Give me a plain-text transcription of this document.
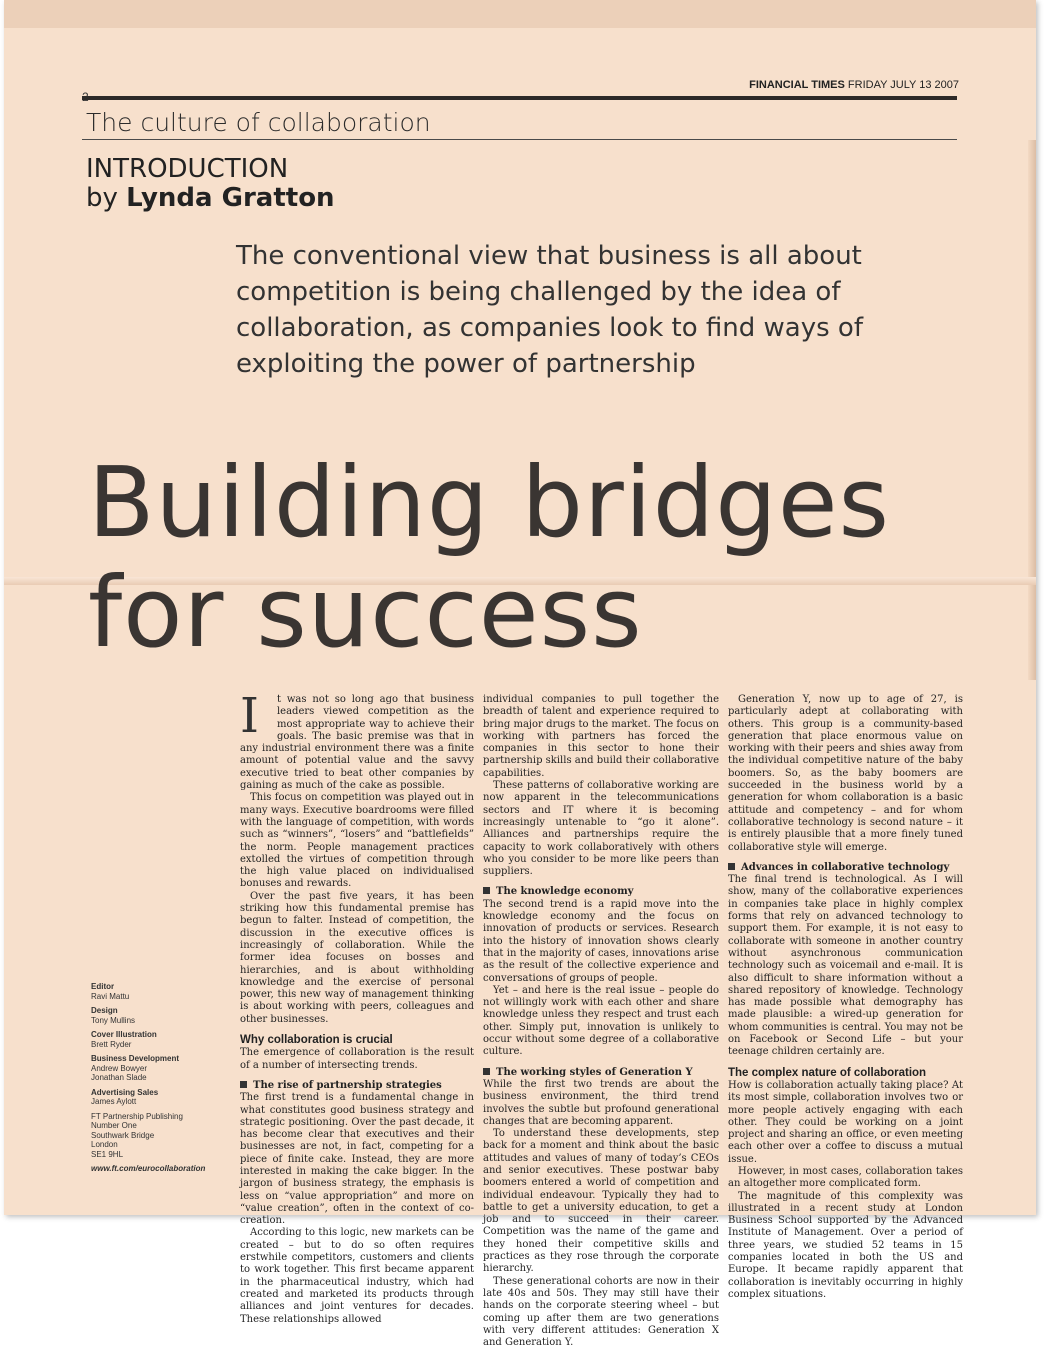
FINANCIAL TIMES FRIDAY JULY 13 2007
The culture of collaboration
INTRODUCTION
by Lynda Gratton
The conventional view that business is all about competition is being challenged by the idea of collaboration, as companies look to find ways of exploiting the power of partnership
Building bridges
for success
Editor
Ravi Mattu
Design
Tony Mullins
Cover Illustration
Brett Ryder
Business Development
Andrew Bowyer
Jonathan Slade
Advertising Sales
James Aylott
FT Partnership Publishing
Number One
Southwark Bridge
London
SE1 9HL
www.ft.com/eurocollaboration
I	t was not so long ago that business leaders viewed competition as the most appropriate way to achieve their goals. The basic premise was that in any industrial environment there was a finite amount of potential value and the savvy executive tried to beat other companies by gaining as much of the cake as possible.

This focus on competition was played out in many ways. Executive boardrooms were filled with the language of competition, with words such as “winners”, “losers” and “battlefields” the norm. People management practices extolled the virtues of competition through the high value placed on individualised bonuses and rewards.

Over the past five years, it has been striking how this fundamental premise has begun to falter. Instead of competition, the discussion in the executive offices is increasingly of collaboration. While the former idea focuses on bosses and hierarchies, and is about withholding knowledge and the exercise of personal power, this new way of management thinking is about working with peers, colleagues and other businesses.

Why collaboration is crucial

The emergence of collaboration is the result of a number of intersecting trends.

The rise of partnership strategies

The first trend is a fundamental change in what constitutes good business strategy and strategic positioning. Over the past decade, it has become clear that executives and their businesses are not, in fact, competing for a piece of finite cake. Instead, they are more interested in making the cake bigger. In the jargon of business strategy, the emphasis is less on “value appropriation” and more on “value creation”, often in the context of co-creation.

According to this logic, new markets can be created – but to do so often requires erstwhile competitors, customers and clients to work together. This first became apparent in the pharmaceutical industry, which had created and marketed its products through alliances and joint ventures for decades. These relationships allowed

individual companies to pull together the breadth of talent and experience required to bring major drugs to the market. The focus on working with partners has forced the companies in this sector to hone their partnership skills and build their collaborative capabilities.

These patterns of collaborative working are now apparent in the telecommunications sectors and IT where it is becoming increasingly untenable to “go it alone”. Alliances and partnerships require the capacity to work collaboratively with others who you consider to be more like peers than suppliers.

The knowledge economy

The second trend is a rapid move into the knowledge economy and the focus on innovation of products or services. Research into the history of innovation shows clearly that in the majority of cases, innovations arise as the result of the collective experience and conversations of groups of people.

Yet – and here is the real issue – people do not willingly work with each other and share knowledge unless they respect and trust each other. Simply put, innovation is unlikely to occur without some degree of a collaborative culture.

The working styles of Generation Y

While the first two trends are about the business environment, the third trend involves the subtle but profound generational changes that are becoming apparent.

To understand these developments, step back for a moment and think about the basic attitudes and values of many of today’s CEOs and senior executives. These postwar baby boomers entered a world of competition and individual endeavour. Typically they had to battle to get a university education, to get a job and to succeed in their career. Competition was the name of the game and they honed their competitive skills and practices as they rose through the corporate hierarchy.

These generational cohorts are now in their late 40s and 50s. They may still have their hands on the corporate steering wheel – but coming up after them are two generations with very different attitudes: Generation X and Generation Y.

Generation Y, now up to age of 27, is particularly adept at collaborating with others. This group is a community-based generation that place enormous value on working with their peers and shies away from the individual competitive nature of the baby boomers. So, as the baby boomers are succeeded in the business world by a generation for whom collaboration is a basic attitude and competency – and for whom collaborative technology is second nature – it is entirely plausible that a more finely tuned collaborative style will emerge.

Advances in collaborative technology

The final trend is technological. As I will show, many of the collaborative experiences in companies take place in highly complex forms that rely on advanced technology to support them. For example, it is not easy to collaborate with someone in another country without asynchronous communication technology such as voicemail and e-mail. It is also difficult to share information without a shared repository of knowledge. Technology has made possible what demography has made plausible: a wired-up generation for whom communities is central. You may not be on Facebook or Second Life – but your teenage children certainly are.

The complex nature of collaboration

How is collaboration actually taking place? At its most simple, collaboration involves two or more people actively engaging with each other. They could be working on a joint project and sharing an office, or even meeting each other over a coffee to discuss a mutual issue.

However, in most cases, collaboration takes an altogether more complicated form.

The magnitude of this complexity was illustrated in a recent study at London Business School supported by the Advanced Institute of Management. Over a period of three years, we studied 52 teams in 15 companies located in both the US and Europe. It became rapidly apparent that collaboration is inevitably occurring in highly complex situations.
